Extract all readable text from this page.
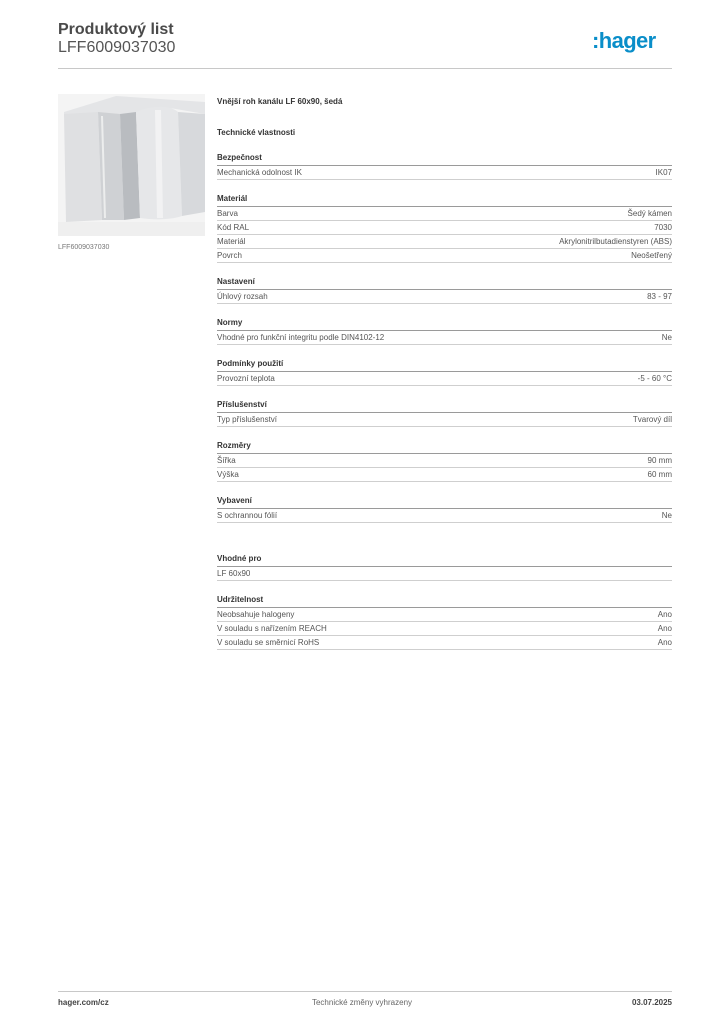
Produktový list
LFF6009037030	:hager
LFF6009037030
Vnější roh kanálu LF 60x90, šedá
Technické vlastnosti
Bezpečnost
Mechanická odolnost IK	IK07
Materiál
Barva	Šedý kámen
Kód RAL	7030
Materiál	Akrylonitrilbutadienstyren (ABS)
Povrch	Neošetřený
Nastavení
Úhlový rozsah	83 - 97
Normy
Vhodné pro funkční integritu podle DIN4102-12	Ne
Podmínky použití
Provozní teplota	-5 - 60 °C
Příslušenství
Typ příslušenství	Tvarový díl
Rozměry
Šířka	90 mm
Výška	60 mm
Vybavení
S ochrannou fólií	Ne
Vhodné pro
LF 60x90
Udržitelnost
Neobsahuje halogeny	Ano
V souladu s nařízením REACH	Ano
V souladu se směrnicí RoHS	Ano
hager.com/cz	Technické změny vyhrazeny	03.07.2025
